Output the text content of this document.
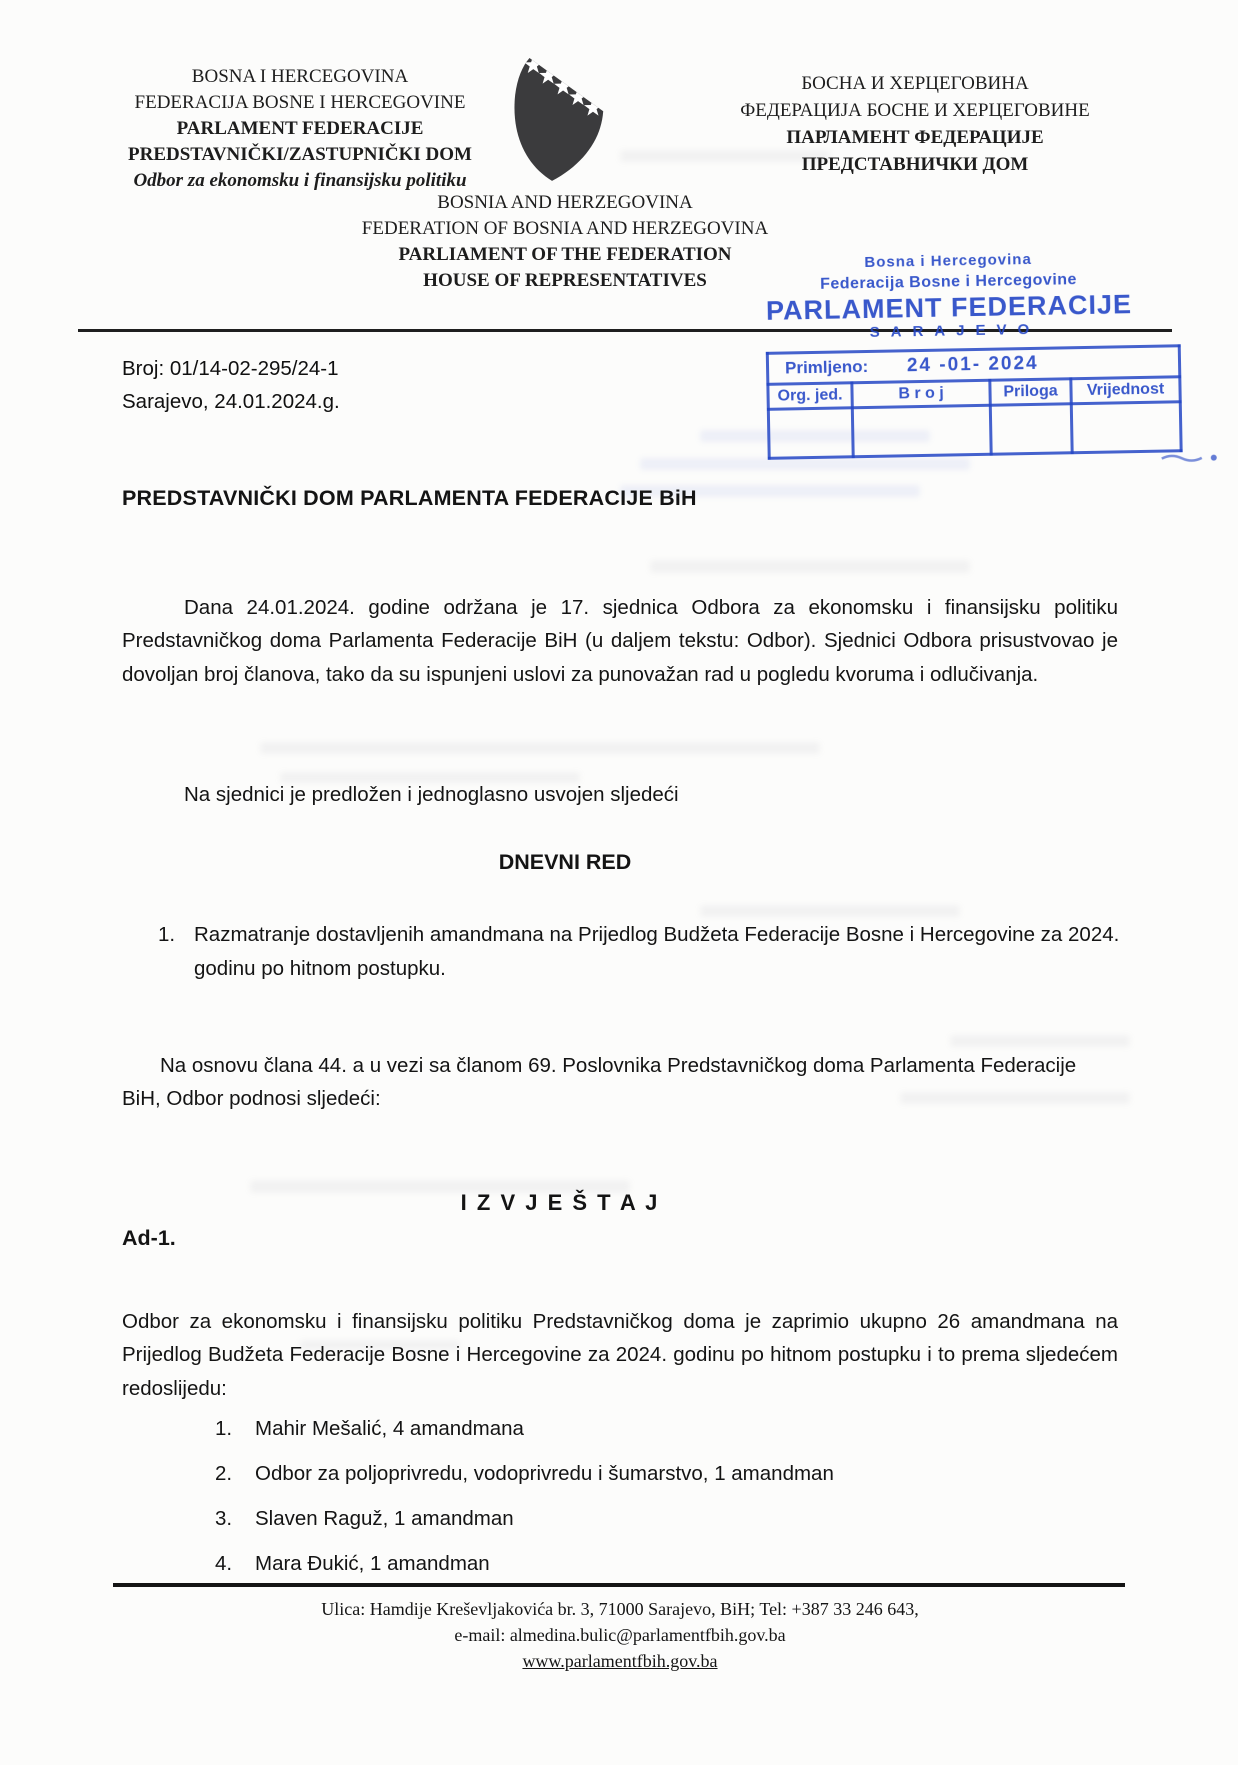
BOSNA I HERCEGOVINA
FEDERACIJA BOSNE I HERCEGOVINE
PARLAMENT FEDERACIJE
PREDSTAVNIČKI/ZASTUPNIČKI DOM
Odbor za ekonomsku i finansijsku politiku
БОСНА И ХЕРЦЕГОВИНА
ФЕДЕРАЦИЈА БОСНЕ И ХЕРЦЕГОВИНЕ
ПАРЛАМЕНТ ФЕДЕРАЦИЈЕ
ПРЕДСТАВНИЧКИ ДОМ
BOSNIA AND HERZEGOVINA
FEDERATION OF BOSNIA AND HERZEGOVINA
PARLIAMENT OF THE FEDERATION
HOUSE OF REPRESENTATIVES
Bosna i Hercegovina
Federacija Bosne i Hercegovine
PARLAMENT FEDERACIJE
SARAJEVO
Primljeno: 24 -01- 2024			
Org. jed.	B r o j	Priloga	Vrijednost

Broj: 01/14-02-295/24-1
Sarajevo, 24.01.2024.g.
PREDSTAVNIČKI DOM PARLAMENTA FEDERACIJE BiH

Dana 24.01.2024. godine održana je 17. sjednica Odbora za ekonomsku i finansijsku politiku Predstavničkog doma Parlamenta Federacije BiH (u daljem tekstu: Odbor). Sjednici Odbora prisustvovao je dovoljan broj članova, tako da su ispunjeni uslovi za punovažan rad u pogledu kvoruma i odlučivanja.

Na sjednici je predložen i jednoglasno usvojen sljedeći

DNEVNI RED
Razmatranje dostavljenih amandmana na Prijedlog Budžeta Federacije Bosne i Hercegovine za 2024. godinu po hitnom postupku.

Na osnovu člana 44. a u vezi sa članom 69. Poslovnika Predstavničkog doma Parlamenta Federacije BiH, Odbor podnosi sljedeći:

I Z V J E Š T A J
Ad-1.

Odbor za ekonomsku i finansijsku politiku Predstavničkog doma je zaprimio ukupno 26 amandmana na Prijedlog Budžeta Federacije Bosne i Hercegovine za 2024. godinu po hitnom postupku i to prema sljedećem redoslijedu:

Mahir Mešalić, 4 amandmana
Odbor za poljoprivredu, vodoprivredu i šumarstvo, 1 amandman
Slaven Raguž, 1 amandman
Mara Đukić, 1 amandman
Ulica: Hamdije Kreševljakovića br. 3, 71000 Sarajevo, BiH; Tel: +387 33 246 643,
e-mail: almedina.bulic@parlamentfbih.gov.ba
www.parlamentfbih.gov.ba
